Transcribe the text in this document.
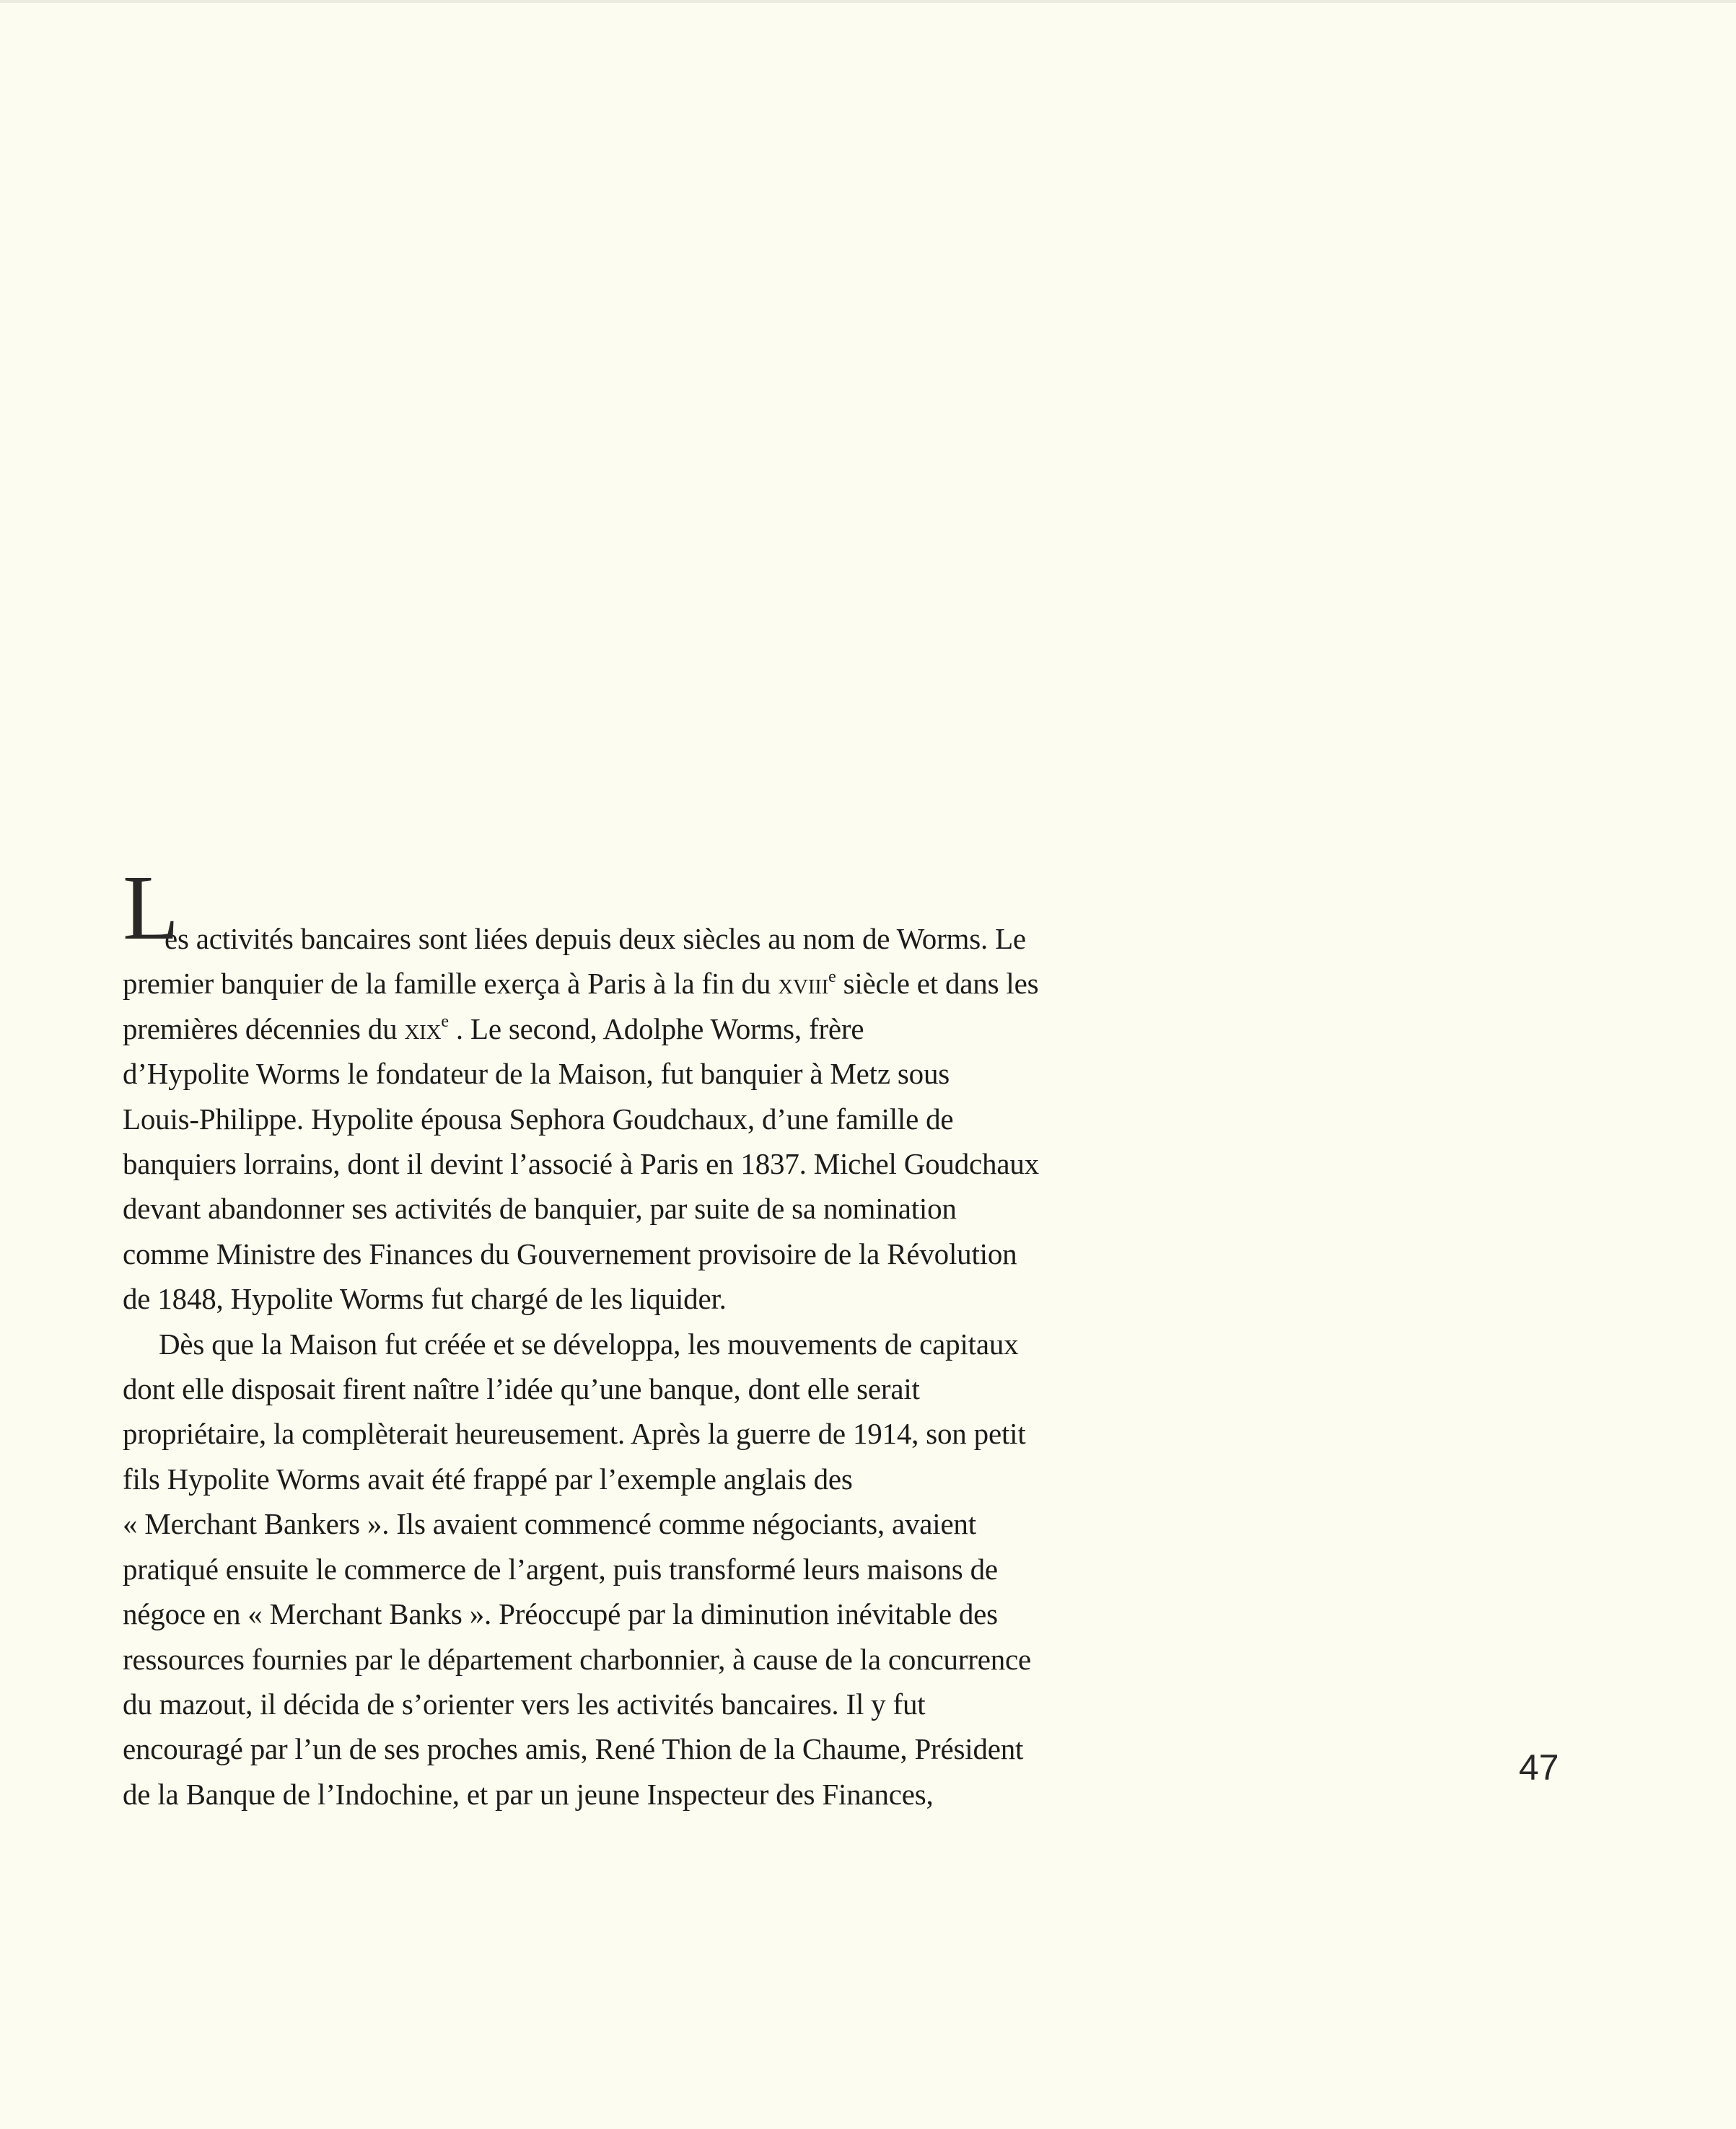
L
es activités bancaires sont liées depuis deux siècles au nom de Worms. Le
premier banquier de la famille exerça à Paris à la fin du xviii$^e$ siècle et dans les
premières décennies du xix$^e$ . Le second, Adolphe Worms, frère
d’Hypolite Worms le fondateur de la Maison, fut banquier à Metz sous
Louis-Philippe. Hypolite épousa Sephora Goudchaux, d’une famille de
banquiers lorrains, dont il devint l’associé à Paris en 1837. Michel Goudchaux
devant abandonner ses activités de banquier, par suite de sa nomination
comme Ministre des Finances du Gouvernement provisoire de la Révolution
de 1848, Hypolite Worms fut chargé de les liquider.
Dès que la Maison fut créée et se développa, les mouvements de capitaux
dont elle disposait firent naître l’idée qu’une banque, dont elle serait
propriétaire, la complèterait heureusement. Après la guerre de 1914, son petit
fils Hypolite Worms avait été frappé par l’exemple anglais des
« Merchant Bankers ». Ils avaient commencé comme négociants, avaient
pratiqué ensuite le commerce de l’argent, puis transformé leurs maisons de
négoce en « Merchant Banks ». Préoccupé par la diminution inévitable des
ressources fournies par le département charbonnier, à cause de la concurrence
du mazout, il décida de s’orienter vers les activités bancaires. Il y fut
encouragé par l’un de ses proches amis, René Thion de la Chaume, Président
de la Banque de l’Indochine, et par un jeune Inspecteur des Finances,
47
